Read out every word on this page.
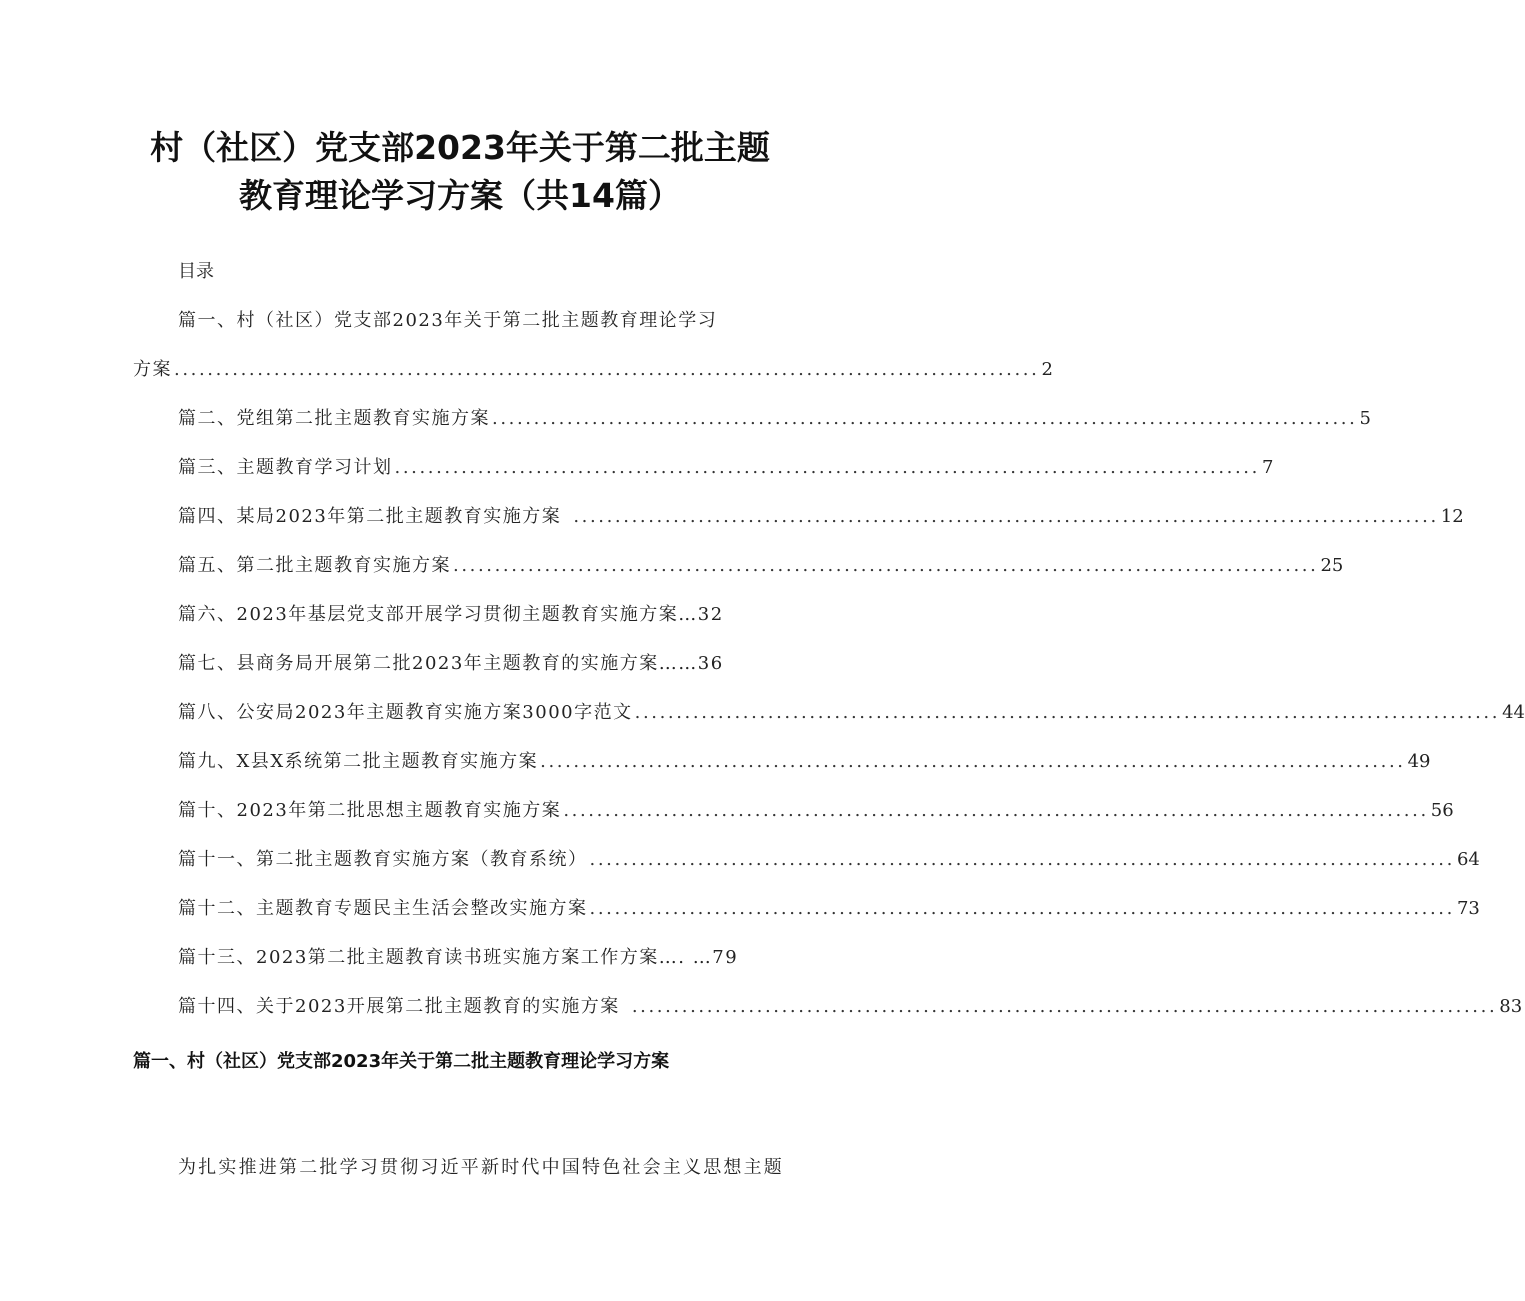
村（社区）党支部2023年关于第二批主题
教育理论学习方案（共14篇）
目录
篇一、村（社区）党支部2023年关于第二批主题教育理论学习
方案 ........................................................................................................ 2
篇二、党组第二批主题教育实施方案 ........................................................................................................ 5
篇三、主题教育学习计划 ........................................................................................................ 7
篇四、某局2023年第二批主题教育实施方案 ........................................................................................................ 12
篇五、第二批主题教育实施方案 ........................................................................................................ 25
篇六、2023年基层党支部开展学习贯彻主题教育实施方案…32
篇七、县商务局开展第二批2023年主题教育的实施方案……36
篇八、公安局2023年主题教育实施方案3000字范文 ........................................................................................................ 44
篇九、X县X系统第二批主题教育实施方案 ........................................................................................................ 49
篇十、2023年第二批思想主题教育实施方案 ........................................................................................................ 56
篇十一、第二批主题教育实施方案（教育系统） ........................................................................................................ 64
篇十二、主题教育专题民主生活会整改实施方案 ........................................................................................................ 73
篇十三、2023第二批主题教育读书班实施方案工作方案…. …79
篇十四、关于2023开展第二批主题教育的实施方案 ........................................................................................................ 83
篇一、村（社区）党支部2023年关于第二批主题教育理论学习方案
为扎实推进第二批学习贯彻习近平新时代中国特色社会主义思想主题
